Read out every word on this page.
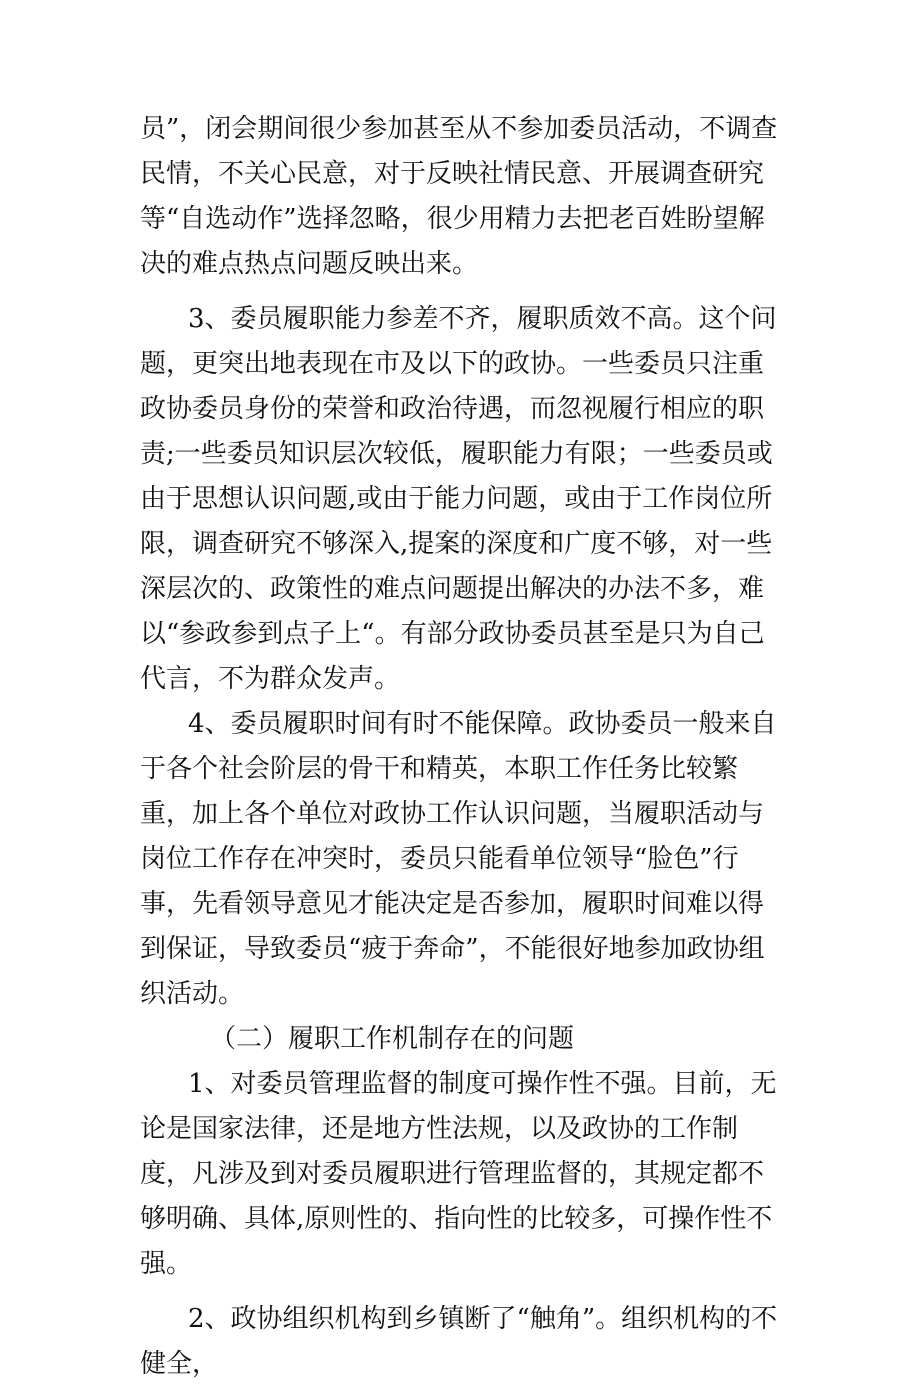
员”，闭会期间很少参加甚至从不参加委员活动，不调查民情，不关心民意，对于反映社情民意、开展调查研究等“自选动作”选择忽略，很少用精力去把老百姓盼望解决的难点热点问题反映出来。

3、委员履职能力参差不齐，履职质效不高。这个问题，更突出地表现在市及以下的政协。一些委员只注重政协委员身份的荣誉和政治待遇，而忽视履行相应的职责;一些委员知识层次较低，履职能力有限；一些委员或由于思想认识问题,或由于能力问题，或由于工作岗位所限，调查研究不够深入,提案的深度和广度不够，对一些深层次的、政策性的难点问题提出解决的办法不多，难以“参政参到点子上“。有部分政协委员甚至是只为自己代言，不为群众发声。

4、委员履职时间有时不能保障。政协委员一般来自于各个社会阶层的骨干和精英，本职工作任务比较繁重，加上各个单位对政协工作认识问题，当履职活动与岗位工作存在冲突时，委员只能看单位领导“脸色”行事，先看领导意见才能决定是否参加，履职时间难以得到保证，导致委员“疲于奔命”，不能很好地参加政协组织活动。

（二）履职工作机制存在的问题

1、对委员管理监督的制度可操作性不强。目前，无论是国家法律，还是地方性法规，以及政协的工作制度，凡涉及到对委员履职进行管理监督的，其规定都不够明确、具体,原则性的、指向性的比较多，可操作性不强。

2、政协组织机构到乡镇断了“触角”。组织机构的不健全，
